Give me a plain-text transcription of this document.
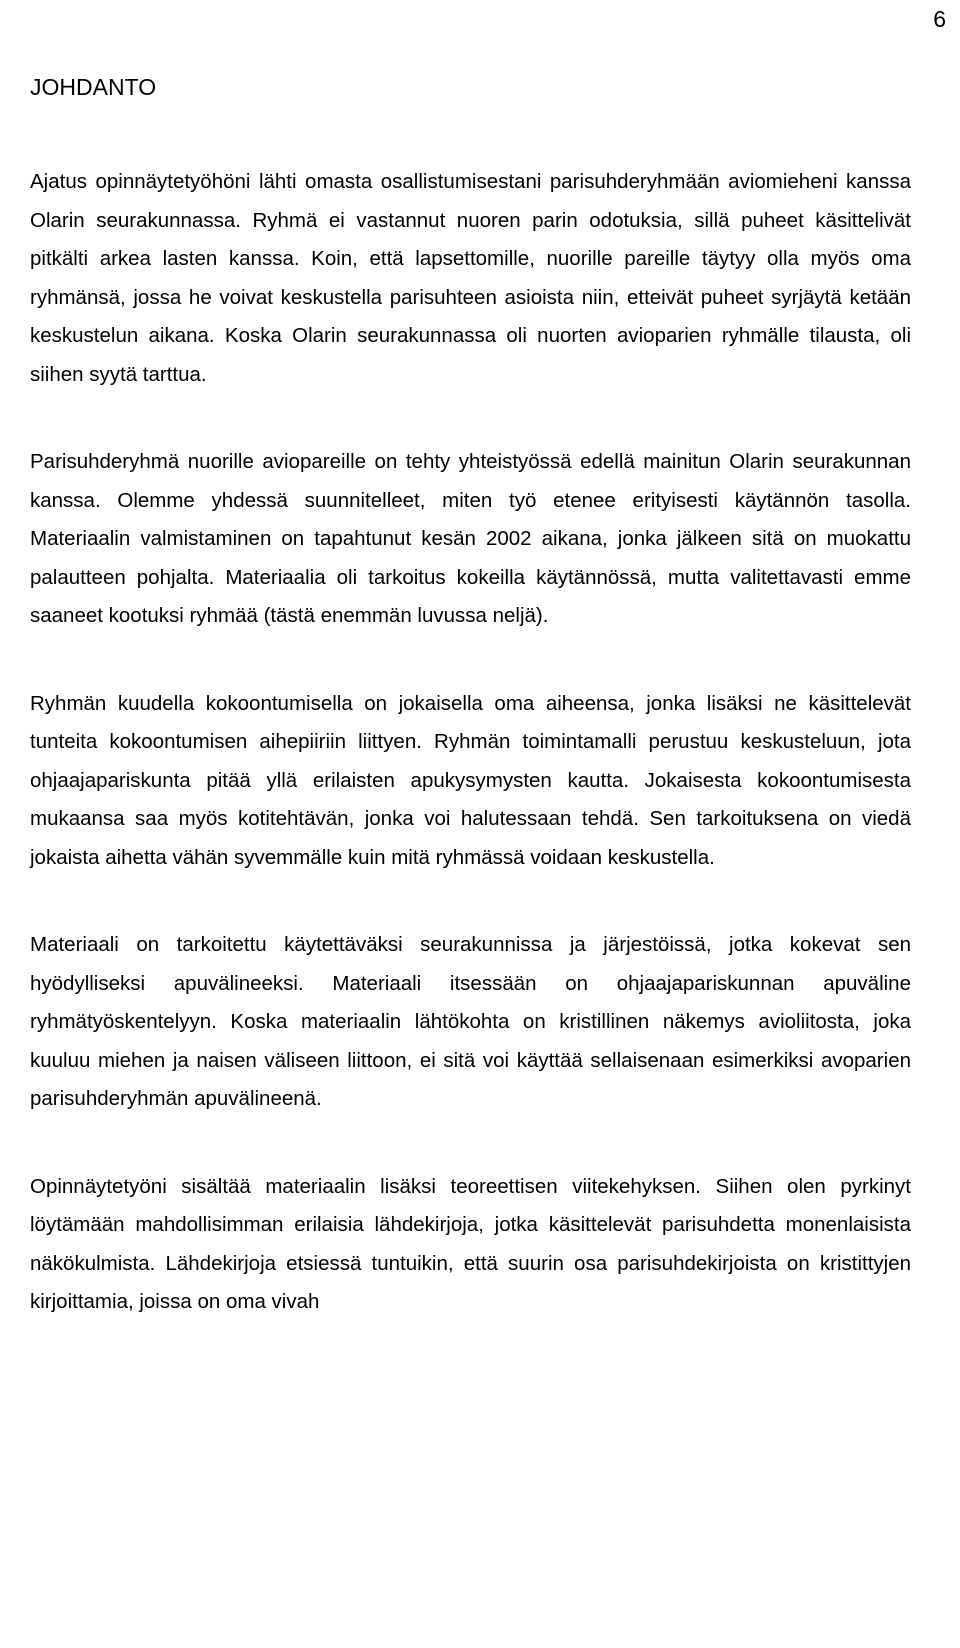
6
JOHDANTO

Ajatus opinnäytetyöhöni lähti omasta osallistumisestani parisuhderyhmään aviomieheni kanssa Olarin seurakunnassa. Ryhmä ei vastannut nuoren parin odotuksia, sillä puheet käsittelivät pitkälti arkea lasten kanssa. Koin, että lapsettomille, nuorille pareille täytyy olla myös oma ryhmänsä, jossa he voivat keskustella parisuhteen asioista niin, etteivät puheet syrjäytä ketään keskustelun aikana. Koska Olarin seurakunnassa oli nuorten avioparien ryhmälle tilausta, oli siihen syytä tarttua.

Parisuhderyhmä nuorille aviopareille on tehty yhteistyössä edellä mainitun Olarin seurakunnan kanssa. Olemme yhdessä suunnitelleet, miten työ etenee erityisesti käytännön tasolla. Materiaalin valmistaminen on tapahtunut kesän 2002 aikana, jonka jälkeen sitä on muokattu palautteen pohjalta. Materiaalia oli tarkoitus kokeilla käytännössä, mutta valitettavasti emme saaneet kootuksi ryhmää (tästä enemmän luvussa neljä).

Ryhmän kuudella kokoontumisella on jokaisella oma aiheensa, jonka lisäksi ne käsittelevät tunteita kokoontumisen aihepiiriin liittyen. Ryhmän toimintamalli perustuu keskusteluun, jota ohjaajapariskunta pitää yllä erilaisten apukysymysten kautta. Jokaisesta kokoontumisesta mukaansa saa myös kotitehtävän, jonka voi halutessaan tehdä. Sen tarkoituksena on viedä jokaista aihetta vähän syvemmälle kuin mitä ryhmässä voidaan keskustella.

Materiaali on tarkoitettu käytettäväksi seurakunnissa ja järjestöissä, jotka kokevat sen hyödylliseksi apuvälineeksi. Materiaali itsessään on ohjaajapariskunnan apuväline ryhmätyöskentelyyn. Koska materiaalin lähtökohta on kristillinen näkemys avioliitosta, joka kuuluu miehen ja naisen väliseen liittoon, ei sitä voi käyttää sellaisenaan esimerkiksi avoparien parisuhderyhmän apuvälineenä.

Opinnäytetyöni sisältää materiaalin lisäksi teoreettisen viitekehyksen. Siihen olen pyrkinyt löytämään mahdollisimman erilaisia lähdekirjoja, jotka käsittelevät parisuhdetta monenlaisista näkökulmista. Lähdekirjoja etsiessä tuntuikin, että suurin osa parisuhdekirjoista on kristittyjen kirjoittamia, joissa on oma vivah
